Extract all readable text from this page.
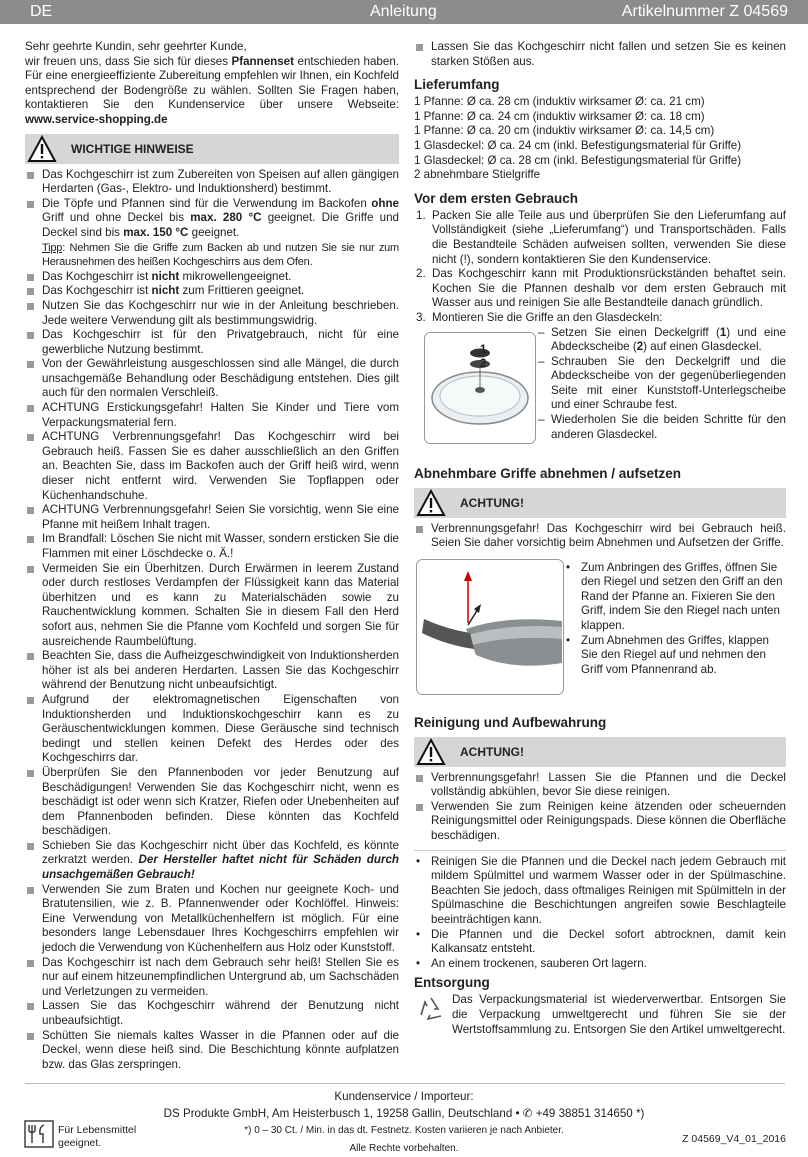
DE	Anleitung	Artikelnummer Z 04569

Sehr geehrte Kundin, sehr geehrter Kunde,

wir freuen uns, dass Sie sich für dieses Pfannenset entschieden haben. Für eine energieeffiziente Zubereitung empfehlen wir Ihnen, ein Kochfeld entsprechend der Bodengröße zu wählen. Sollten Sie Fragen haben, kontaktieren Sie den Kundenservice über unsere Webseite: www.service-shopping.de

WICHTIGE HINWEISE
Das Kochgeschirr ist zum Zubereiten von Speisen auf allen gängigen Herdarten (Gas-, Elektro- und Induktionsherd) bestimmt.
Die Töpfe und Pfannen sind für die Verwendung im Backofen ohne Griff und ohne Deckel bis max. 280 °C geeignet. Die Griffe und Deckel sind bis max. 150 °C geeignet.
Tipp: Nehmen Sie die Griffe zum Backen ab und nutzen Sie sie nur zum Herausnehmen des heißen Kochgeschirrs aus dem Ofen.
Das Kochgeschirr ist nicht mikrowellengeeignet.
Das Kochgeschirr ist nicht zum Frittieren geeignet.
Nutzen Sie das Kochgeschirr nur wie in der Anleitung beschrieben. Jede weitere Verwendung gilt als bestimmungswidrig.
Das Kochgeschirr ist für den Privatgebrauch, nicht für eine gewerbliche Nutzung bestimmt.
Von der Gewährleistung ausgeschlossen sind alle Mängel, die durch unsachgemäße Behandlung oder Beschädigung entstehen. Dies gilt auch für den normalen Verschleiß.
ACHTUNG Erstickungsgefahr! Halten Sie Kinder und Tiere vom Verpackungsmaterial fern.
ACHTUNG Verbrennungsgefahr! Das Kochgeschirr wird bei Gebrauch heiß. Fassen Sie es daher ausschließlich an den Griffen an. Beachten Sie, dass im Backofen auch der Griff heiß wird, wenn dieser nicht entfernt wird. Verwenden Sie Topflappen oder Küchenhandschuhe.
ACHTUNG Verbrennungsgefahr! Seien Sie vorsichtig, wenn Sie eine Pfanne mit heißem Inhalt tragen.
Im Brandfall: Löschen Sie nicht mit Wasser, sondern ersticken Sie die Flammen mit einer Löschdecke o. Ä.!
Vermeiden Sie ein Überhitzen. Durch Erwärmen in leerem Zustand oder durch restloses Verdampfen der Flüssigkeit kann das Material überhitzen und es kann zu Materialschäden sowie zu Rauchentwicklung kommen. Schalten Sie in diesem Fall den Herd sofort aus, nehmen Sie die Pfanne vom Kochfeld und sorgen Sie für ausreichende Raumbelüftung.
Beachten Sie, dass die Aufheizgeschwindigkeit von Induktionsherden höher ist als bei anderen Herdarten. Lassen Sie das Kochgeschirr während der Benutzung nicht unbeaufsichtigt.
Aufgrund der elektromagnetischen Eigenschaften von Induktionsherden und Induktionskochgeschirr kann es zu Geräuschentwicklungen kommen. Diese Geräusche sind technisch bedingt und stellen keinen Defekt des Herdes oder des Kochgeschirrs dar.
Überprüfen Sie den Pfannenboden vor jeder Benutzung auf Beschädigungen! Verwenden Sie das Kochgeschirr nicht, wenn es beschädigt ist oder wenn sich Kratzer, Riefen oder Unebenheiten auf dem Pfannenboden befinden. Diese könnten das Kochfeld beschädigen.
Schieben Sie das Kochgeschirr nicht über das Kochfeld, es könnte zerkratzt werden. Der Hersteller haftet nicht für Schäden durch unsachgemäßen Gebrauch!
Verwenden Sie zum Braten und Kochen nur geeignete Koch- und Bratutensilien, wie z. B. Pfannenwender oder Kochlöffel. Hinweis: Eine Verwendung von Metallküchenhelfern ist möglich. Für eine besonders lange Lebensdauer Ihres Kochgeschirrs empfehlen wir jedoch die Verwendung von Küchenhelfern aus Holz oder Kunststoff.
Das Kochgeschirr ist nach dem Gebrauch sehr heiß! Stellen Sie es nur auf einem hitzeunempfindlichen Untergrund ab, um Sachschäden und Verletzungen zu vermeiden.
Lassen Sie das Kochgeschirr während der Benutzung nicht unbeaufsichtigt.
Schütten Sie niemals kaltes Wasser in die Pfannen oder auf die Deckel, wenn diese heiß sind. Die Beschichtung könnte aufplatzen bzw. das Glas zerspringen.
Lassen Sie das Kochgeschirr nicht fallen und setzen Sie es keinen starken Stößen aus.
Lieferumfang

1 Pfanne: Ø ca. 28 cm (induktiv wirksamer Ø: ca. 21 cm)

1 Pfanne: Ø ca. 24 cm (induktiv wirksamer Ø: ca. 18 cm)

1 Pfanne: Ø ca. 20 cm (induktiv wirksamer Ø: ca. 14,5 cm)

1 Glasdeckel: Ø ca. 24 cm (inkl. Befestigungsmaterial für Griffe)

1 Glasdeckel: Ø ca. 28 cm (inkl. Befestigungsmaterial für Griffe)

2 abnehmbare Stielgriffe

Vor dem ersten Gebrauch
1. Packen Sie alle Teile aus und überprüfen Sie den Lieferumfang auf Vollständigkeit (siehe „Lieferumfang“) und Transportschäden. Falls die Bestandteile Schäden aufweisen sollten, verwenden Sie diese nicht (!), sondern kontaktieren Sie den Kundenservice.
2. Das Kochgeschirr kann mit Produktionsrückständen behaftet sein. Kochen Sie die Pfannen deshalb vor dem ersten Gebrauch mit Wasser aus und reinigen Sie alle Bestandteile danach gründlich.
3. Montieren Sie die Griffe an den Glasdeckeln:
1
2
– Setzen Sie einen Deckelgriff (1) und eine Abdeckscheibe (2) auf einen Glasdeckel.
– Schrauben Sie den Deckelgriff und die Abdeckscheibe von der gegenüberliegenden Seite mit einer Kunststoff-Unterlegscheibe und einer Schraube fest.
– Wiederholen Sie die beiden Schritte für den anderen Glasdeckel.
Abnehmbare Griffe abnehmen / aufsetzen
ACHTUNG!
Verbrennungsgefahr! Das Kochgeschirr wird bei Gebrauch heiß. Seien Sie daher vorsichtig beim Abnehmen und Aufsetzen der Griffe.
• Zum Anbringen des Griffes, öffnen Sie den Riegel und setzen den Griff an den Rand der Pfanne an. Fixieren Sie den Griff, indem Sie den Riegel nach unten klappen.
• Zum Abnehmen des Griffes, klappen Sie den Riegel auf und nehmen den Griff vom Pfannenrand ab.
Reinigung und Aufbewahrung
ACHTUNG!
Verbrennungsgefahr! Lassen Sie die Pfannen und die Deckel vollständig abkühlen, bevor Sie diese reinigen.
Verwenden Sie zum Reinigen keine ätzenden oder scheuernden Reinigungsmittel oder Reinigungspads. Diese können die Oberfläche beschädigen.
• Reinigen Sie die Pfannen und die Deckel nach jedem Gebrauch mit mildem Spülmittel und warmem Wasser oder in der Spülmaschine. Beachten Sie jedoch, dass oftmaliges Reinigen mit Spülmitteln in der Spülmaschine die Beschichtungen angreifen sowie Beschlagteile beeinträchtigen kann.
• Die Pfannen und die Deckel sofort abtrocknen, damit kein Kalkansatz entsteht.
• An einem trockenen, sauberen Ort lagern.
Entsorgung

Das Verpackungsmaterial ist wiederverwertbar. Entsorgen Sie die Verpackung umweltgerecht und führen Sie sie der Wertstoffsammlung zu. Entsorgen Sie den Artikel umweltgerecht.

Kundenservice / Importeur:
DS Produkte GmbH, Am Heisterbusch 1, 19258 Gallin, Deutschland • ✆ +49 38851 314650 *)
*) 0 – 30 Ct. / Min. in das dt. Festnetz. Kosten variieren je nach Anbieter.
Alle Rechte vorbehalten.
Für Lebensmittel
geeignet.	Z 04569_V4_01_2016
